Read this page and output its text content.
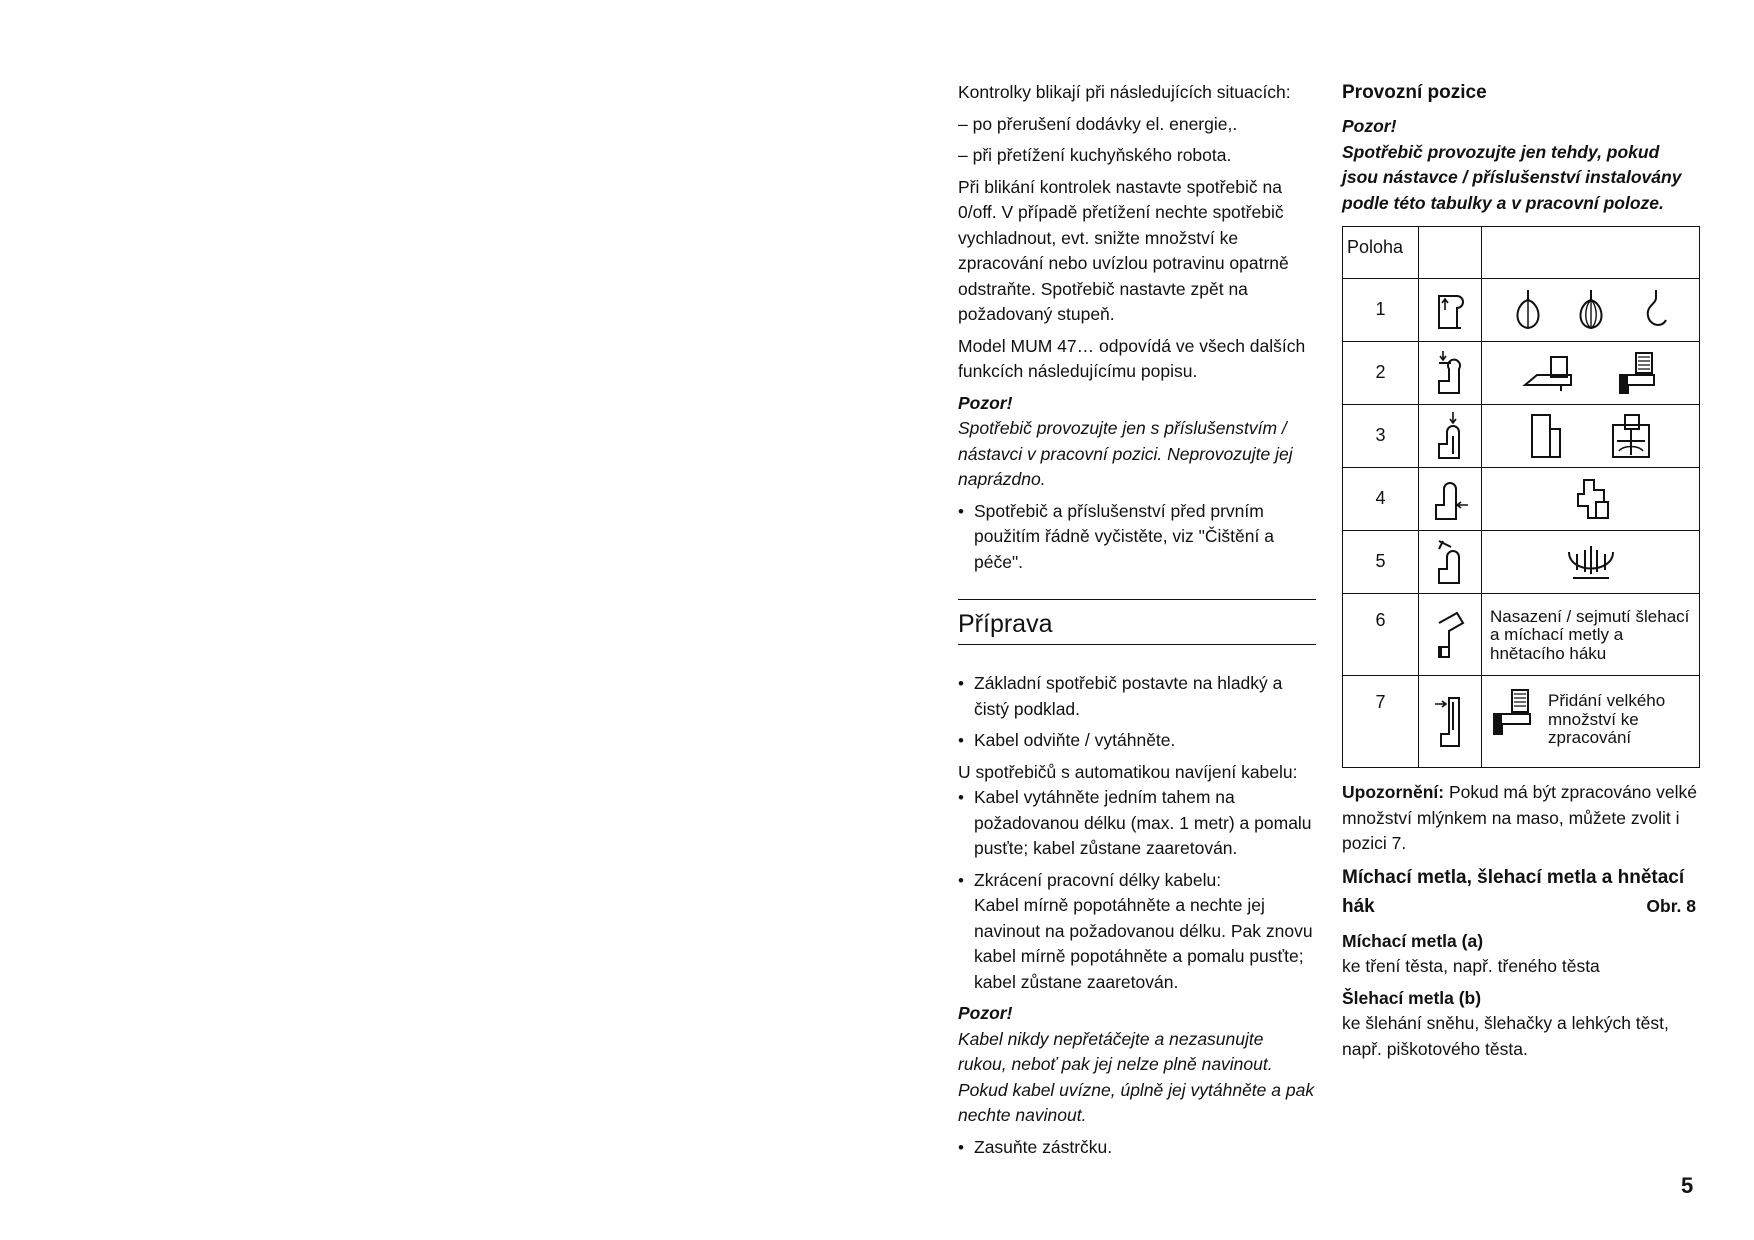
Kontrolky blikají při následujících situacích:

– po přerušení dodávky el. energie,.

– při přetížení kuchyňského robota.

Při blikání kontrolek nastavte spotřebič na 0/off. V případě přetížení nechte spotřebič vychladnout, evt. snižte množství ke zpracování nebo uvízlou potravinu opatrně odstraňte. Spotřebič nastavte zpět na požadovaný stupeň.

Model MUM 47… odpovídá ve všech dalších funkcích následujícímu popisu.

Pozor!

Spotřebič provozujte jen s příslušenstvím / nástavci v pracovní pozici. Neprovozujte jej naprázdno.

• Spotřebič a příslušenství před prvním použitím řádně vyčistěte, viz "Čištění a péče".
Příprava
• Základní spotřebič postavte na hladký a čistý podklad.
• Kabel odviňte / vytáhněte.

U spotřebičů s automatikou navíjení kabelu:

• Kabel vytáhněte jedním tahem na požadovanou délku (max. 1 metr) a pomalu pusťte; kabel zůstane zaaretován.
• Zkrácení pracovní délky kabelu:

Kabel mírně popotáhněte a nechte jej navinout na požadovanou délku. Pak znovu kabel mírně popotáhněte a pomalu pusťte; kabel zůstane zaaretován.

Pozor!

Kabel nikdy nepřetáčejte a nezasunujte rukou, neboť pak jej nelze plně navinout. Pokud kabel uvízne, úplně jej vytáhněte a pak nechte navinout.

• Zasuňte zástrčku.
Provozní pozice
Pozor!

Spotřebič provozujte jen tehdy, pokud jsou nástavce / příslušenství instalovány podle této tabulky a v pracovní poloze.

Poloha		
1	

2	

3	

4	

5	

6		Nasazení / sejmutí šlehací a míchací metly a hnětacího háku

7		Přidání velkého množství ke zpracování

Upozornění: Pokud má být zpracováno velké množství mlýnkem na maso, můžete zvolit i pozici 7.

Míchací metla, šlehací metla a hnětací hák	Obr. 8
Míchací metla (a)

ke tření těsta, např. třeného těsta

Šlehací metla (b)

ke šlehání sněhu, šlehačky a lehkých těst, např. piškotového těsta.

5
